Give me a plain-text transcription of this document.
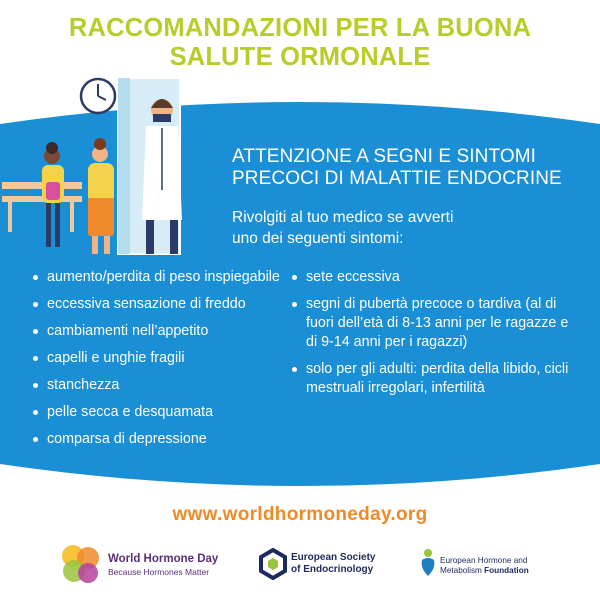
RACCOMANDAZIONI PER LA BUONA
SALUTE ORMONALE
ATTENZIONE A SEGNI E SINTOMI
PRECOCI DI MALATTIE ENDOCRINE
Rivolgiti al tuo medico se avverti
uno dei seguenti sintomi:
aumento/perdita di peso inspiegabile
eccessiva sensazione di freddo
cambiamenti nell’appetito
capelli e unghie fragili
stanchezza
pelle secca e desquamata
comparsa di depressione
sete eccessiva
segni di pubertà precoce o tardiva (al di fuori dell’età di 8-13 anni per le ragazze e di 9-14 anni per i ragazzi)
solo per gli adulti: perdita della libido, cicli mestruali irregolari, infertilità
www.worldhormoneday.org
World Hormone Day
Because Hormones Matter
European Society
of Endocrinology
European Hormone and
Metabolism Foundation
